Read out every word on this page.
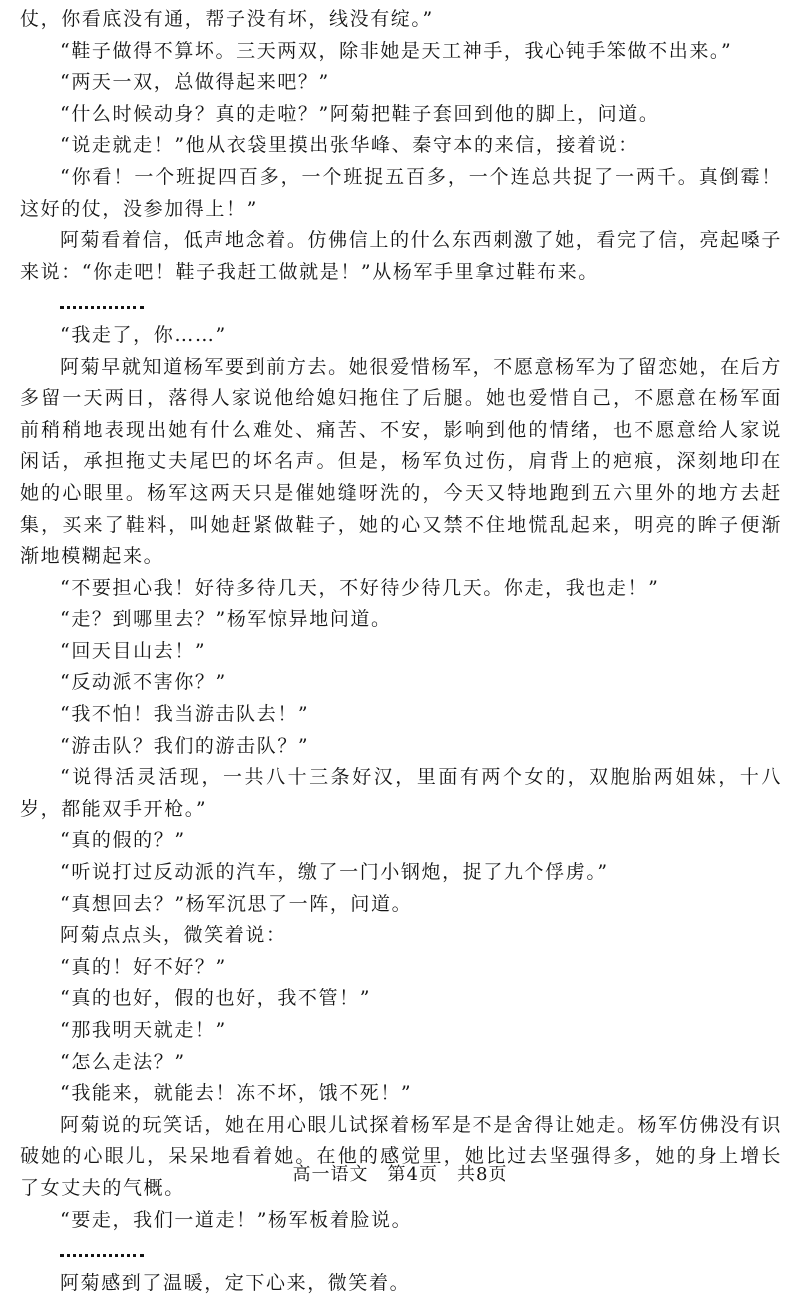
仗，你看底没有通，帮子没有坏，线没有绽。”

“鞋子做得不算坏。三天两双，除非她是天工神手，我心钝手笨做不出来。”

“两天一双，总做得起来吧？”

“什么时候动身？真的走啦？”阿菊把鞋子套回到他的脚上，问道。

“说走就走！”他从衣袋里摸出张华峰、秦守本的来信，接着说：

“你看！一个班捉四百多，一个班捉五百多，一个连总共捉了一两千。真倒霉！这好的仗，没参加得上！”

阿菊看着信，低声地念着。仿佛信上的什么东西刺激了她，看完了信，亮起嗓子来说：“你走吧！鞋子我赶工做就是！”从杨军手里拿过鞋布来。

“我走了，你……”

阿菊早就知道杨军要到前方去。她很爱惜杨军，不愿意杨军为了留恋她，在后方多留一天两日，落得人家说他给媳妇拖住了后腿。她也爱惜自己，不愿意在杨军面前稍稍地表现出她有什么难处、痛苦、不安，影响到他的情绪，也不愿意给人家说闲话，承担拖丈夫尾巴的坏名声。但是，杨军负过伤，肩背上的疤痕，深刻地印在她的心眼里。杨军这两天只是催她缝呀洗的，今天又特地跑到五六里外的地方去赶集，买来了鞋料，叫她赶紧做鞋子，她的心又禁不住地慌乱起来，明亮的眸子便渐渐地模糊起来。

“不要担心我！好待多待几天，不好待少待几天。你走，我也走！”

“走？到哪里去？”杨军惊异地问道。

“回天目山去！”

“反动派不害你？”

“我不怕！我当游击队去！”

“游击队？我们的游击队？”

“说得活灵活现，一共八十三条好汉，里面有两个女的，双胞胎两姐妹，十八岁，都能双手开枪。”

“真的假的？”

“听说打过反动派的汽车，缴了一门小钢炮，捉了九个俘虏。”

“真想回去？”杨军沉思了一阵，问道。

阿菊点点头，微笑着说：

“真的！好不好？”

“真的也好，假的也好，我不管！”

“那我明天就走！”

“怎么走法？”

“我能来，就能去！冻不坏，饿不死！”

阿菊说的玩笑话，她在用心眼儿试探着杨军是不是舍得让她走。杨军仿佛没有识破她的心眼儿，呆呆地看着她。在他的感觉里，她比过去坚强得多，她的身上增长了女丈夫的气概。

“要走，我们一道走！”杨军板着脸说。

阿菊感到了温暖，定下心来，微笑着。

高一语文　第4页　共8页
